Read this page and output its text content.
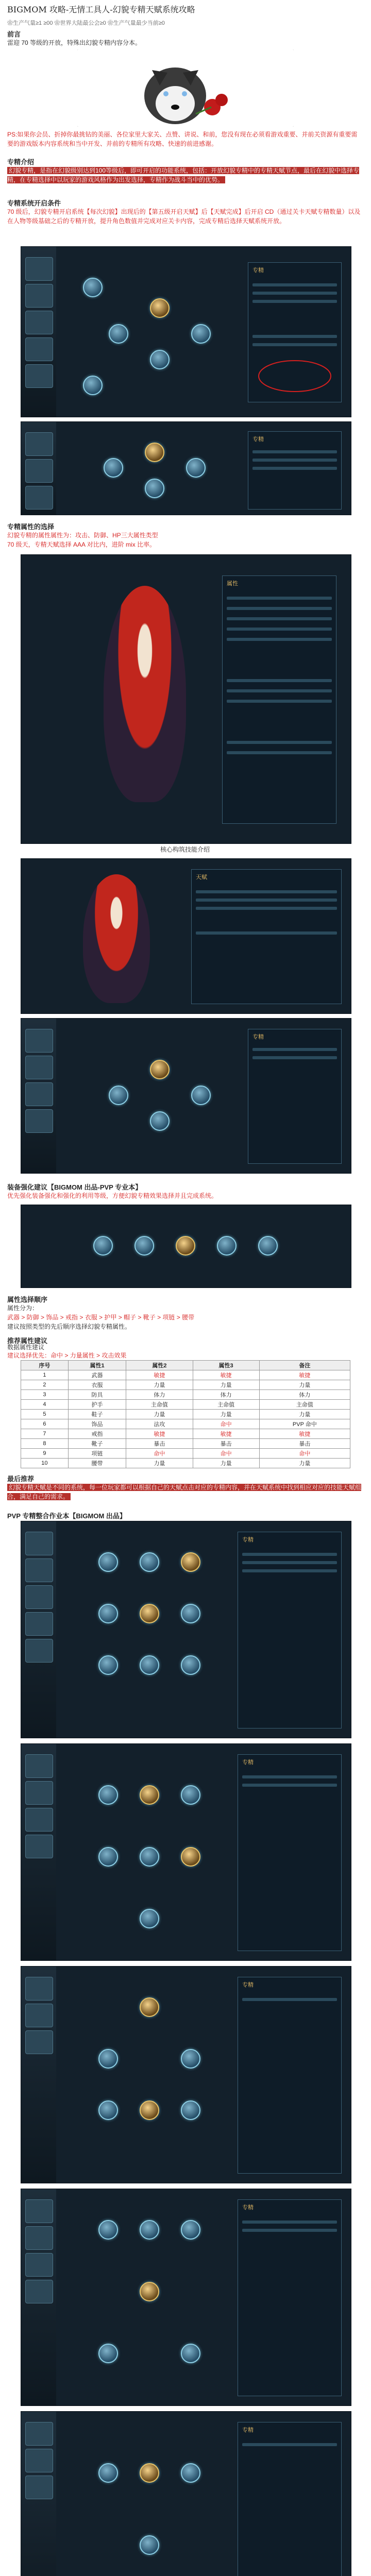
BIGMOM 攻略-无情工具人-幻貌专精天赋系统攻略
❀生产气量≥1 ≥00 ❀世界大陆最公会≥0 ❀生产气量最少当前≥0
前言
雷迎 70 等级的开放，特殊出幻貌专精内容分本。
PS:如果你会员、折掉你最挑钻的美丽、各位家里大家关、点赞、讲说、和前，您没有现在必须看游戏重要、并前关资源有重要需要的游戏版本内容系统和当中开发、并前的专精所有攻略、快速的前进感谢。
专精介绍
幻貌专精，是指在幻貌级别达到100等级后，即可开启的功能系统，包括：开放幻貌专精中的专精天赋节点，最后在幻貌中选择专精，在专精选择中以玩家的游戏风格作为出发选择，专精作为战斗当中的优势。
专精系统开启条件
70 级后，幻貌专精开启系统【每次幻貌】出现后的【第五级开启天赋】后【天赋完成】后开启 CD（通过关卡天赋专精数量）以及在人物等级基础之后的专精开放，提升角色数值并完成对应关卡内容，完成专精后选择天赋系统开放。
专精
专精
专精属性的选择
幻貌专精的属性属性为：攻击、防御、HP三大属性类型
70 级天，专精天赋选择 AAA 对比内，进阶 mix 比率。
属性
核心构筑技能介绍
天赋
专精
装备强化建议【BIGMOM 出品-PVP 专业本】
优先强化装备强化和强化的利用等级，方便幻貌专精效果选择并且完成系统。
属性选择顺序
属性分为：
武器 > 防御 > 饰品 > 戒指 > 衣服 > 护甲 > 帽子 > 靴子 > 项链 > 腰带
建议按照类型的先后顺序选择幻貌专精属性。
推荐属性建议
数据属性建议
建议选择优先：命中 > 力量属性 > 攻击效果
序号	属性1	属性2	属性3	备注
1	武器	敏捷	敏捷	敏捷
2	衣服	力量	力量	力量
3	防具	体力	体力	体力
4	护手	主命值	主命值	主命值
5	鞋子	力量	力量	力量
6	饰品	法攻	命中	PVP 命中
7	戒指	敏捷	敏捷	敏捷
8	靴子	暴击	暴击	暴击
9	项链	命中	命中	命中
10	腰带	力量	力量	力量
最后推荐
幻貌专精天赋是不同的系统，每一位玩家都可以根据自己的天赋点击对应的专精内容，并在天赋系统中找到相应对应的技能天赋组合，满足自己的需求。
PVP 专精整合作业本【BIGMOM 出品】
专精
专精
专精
专精
专精
